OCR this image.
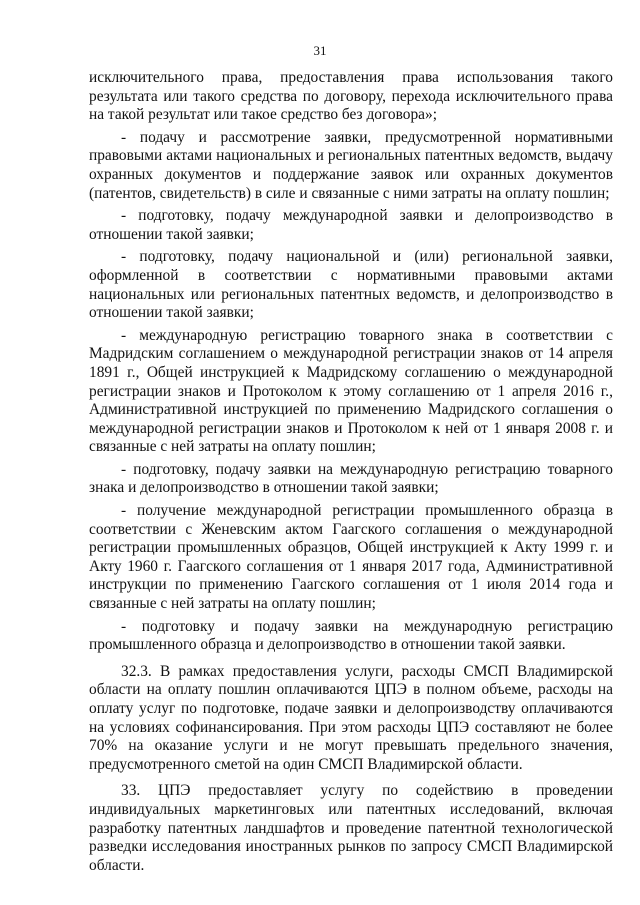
31

исключительного права, предоставления права использования такого результата или такого средства по договору, перехода исключительного права на такой результат или такое средство без договора»;

- подачу и рассмотрение заявки, предусмотренной нормативными правовыми актами национальных и региональных патентных ведомств, выдачу охранных документов и поддержание заявок или охранных документов (патентов, свидетельств) в силе и связанные с ними затраты на оплату пошлин;

- подготовку, подачу международной заявки и делопроизводство в отношении такой заявки;

- подготовку, подачу национальной и (или) региональной заявки, оформленной в соответствии с нормативными правовыми актами национальных или региональных патентных ведомств, и делопроизводство в отношении такой заявки;

- международную регистрацию товарного знака в соответствии с Мадридским соглашением о международной регистрации знаков от 14 апреля 1891 г., Общей инструкцией к Мадридскому соглашению о международной регистрации знаков и Протоколом к этому соглашению от 1 апреля 2016 г., Административной инструкцией по применению Мадридского соглашения о международной регистрации знаков и Протоколом к ней от 1 января 2008 г. и связанные с ней затраты на оплату пошлин;

- подготовку, подачу заявки на международную регистрацию товарного знака и делопроизводство в отношении такой заявки;

- получение международной регистрации промышленного образца в соответствии с Женевским актом Гаагского соглашения о международной регистрации промышленных образцов, Общей инструкцией к Акту 1999 г. и Акту 1960 г. Гаагского соглашения от 1 января 2017 года, Административной инструкции по применению Гаагского соглашения от 1 июля 2014 года и связанные с ней затраты на оплату пошлин;

- подготовку и подачу заявки на международную регистрацию промышленного образца и делопроизводство в отношении такой заявки.

32.3. В рамках предоставления услуги, расходы СМСП Владимирской области на оплату пошлин оплачиваются ЦПЭ в полном объеме, расходы на оплату услуг по подготовке, подаче заявки и делопроизводству оплачиваются на условиях софинансирования. При этом расходы ЦПЭ составляют не более 70% на оказание услуги и не могут превышать предельного значения, предусмотренного сметой на один СМСП Владимирской области.

33. ЦПЭ предоставляет услугу по содействию в проведении индивидуальных маркетинговых или патентных исследований, включая разработку патентных ландшафтов и проведение патентной технологической разведки исследования иностранных рынков по запросу СМСП Владимирской области.
